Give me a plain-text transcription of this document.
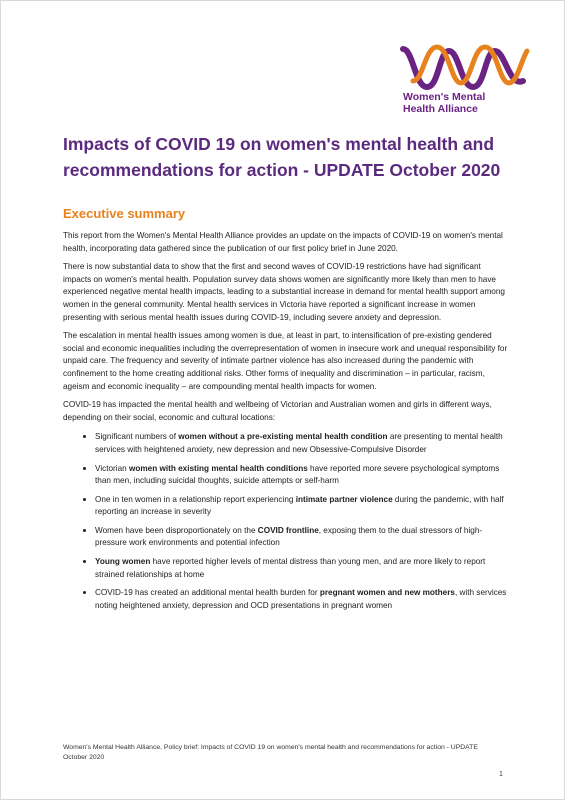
Women's Mental
Health Alliance
Impacts of COVID 19 on women's mental health and recommendations for action - UPDATE October 2020
Executive summary

This report from the Women's Mental Health Alliance provides an update on the impacts of COVID-19 on women's mental health, incorporating data gathered since the publication of our first policy brief in June 2020.

There is now substantial data to show that the first and second waves of COVID-19 restrictions have had significant impacts on women's mental health. Population survey data shows women are significantly more likely than men to have experienced negative mental health impacts, leading to a substantial increase in demand for mental health support among women in the general community. Mental health services in Victoria have reported a significant increase in women presenting with serious mental health issues during COVID-19, including severe anxiety and depression.

The escalation in mental health issues among women is due, at least in part, to intensification of pre-existing gendered social and economic inequalities including the overrepresentation of women in insecure work and unequal responsibility for unpaid care. The frequency and severity of intimate partner violence has also increased during the pandemic with confinement to the home creating additional risks. Other forms of inequality and discrimination – in particular, racism, ageism and economic inequality – are compounding mental health impacts for women.

COVID-19 has impacted the mental health and wellbeing of Victorian and Australian women and girls in different ways, depending on their social, economic and cultural locations:

• Significant numbers of women without a pre-existing mental health condition are presenting to mental health services with heightened anxiety, new depression and new Obsessive-Compulsive Disorder
• Victorian women with existing mental health conditions have reported more severe psychological symptoms than men, including suicidal thoughts, suicide attempts or self-harm
• One in ten women in a relationship report experiencing intimate partner violence during the pandemic, with half reporting an increase in severity
• Women have been disproportionately on the COVID frontline, exposing them to the dual stressors of high-pressure work environments and potential infection
• Young women have reported higher levels of mental distress than young men, and are more likely to report strained relationships at home
• COVID-19 has created an additional mental health burden for pregnant women and new mothers, with services noting heightened anxiety, depression and OCD presentations in pregnant women
Women's Mental Health Alliance, Policy brief: Impacts of COVID 19 on women's mental health and recommendations for action - UPDATE October 2020
1
